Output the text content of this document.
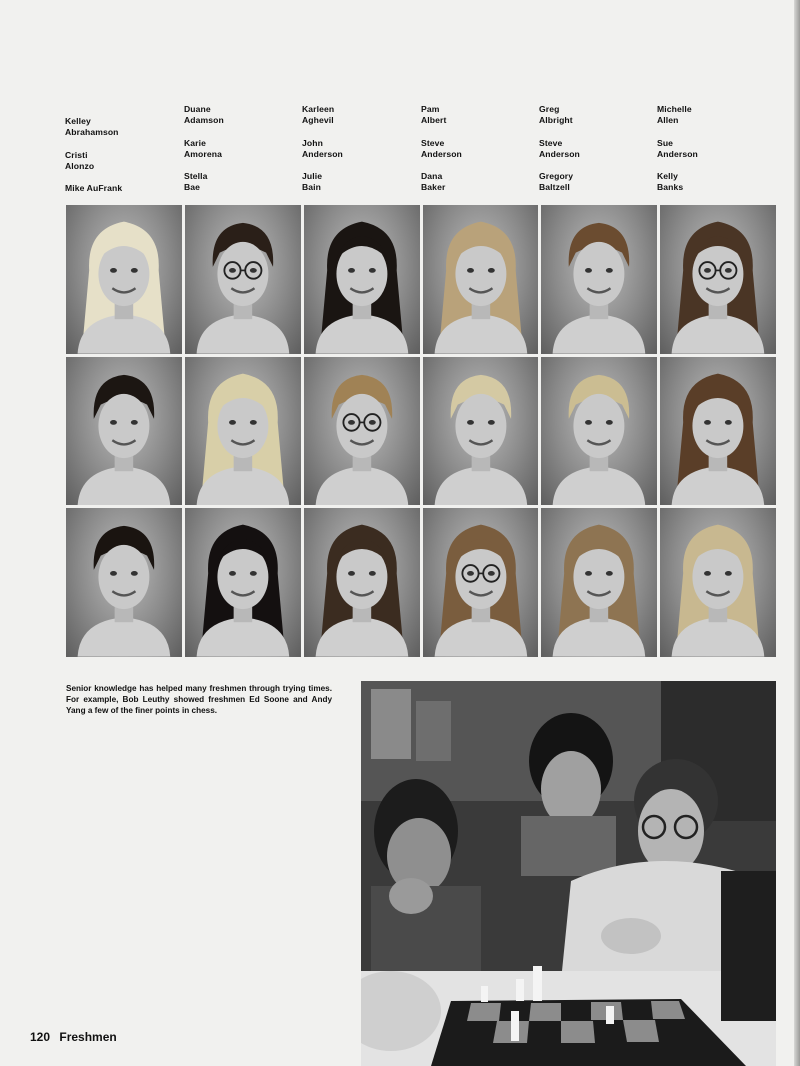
Kelley
Abrahamson
Cristi
Alonzo
Mike AuFrank
Duane
Adamson
Karie
Amorena
Stella
Bae
Karleen
Aghevil
John
Anderson
Julie
Bain
Pam
Albert
Steve
Anderson
Dana
Baker
Greg
Albright
Steve
Anderson
Gregory
Baltzell
Michelle
Allen
Sue
Anderson
Kelly
Banks
Senior knowledge has helped many freshmen through trying times. For example, Bob Leuthy showed freshmen Ed Soone and Andy Yang a few of the finer points in chess.
120 Freshmen
